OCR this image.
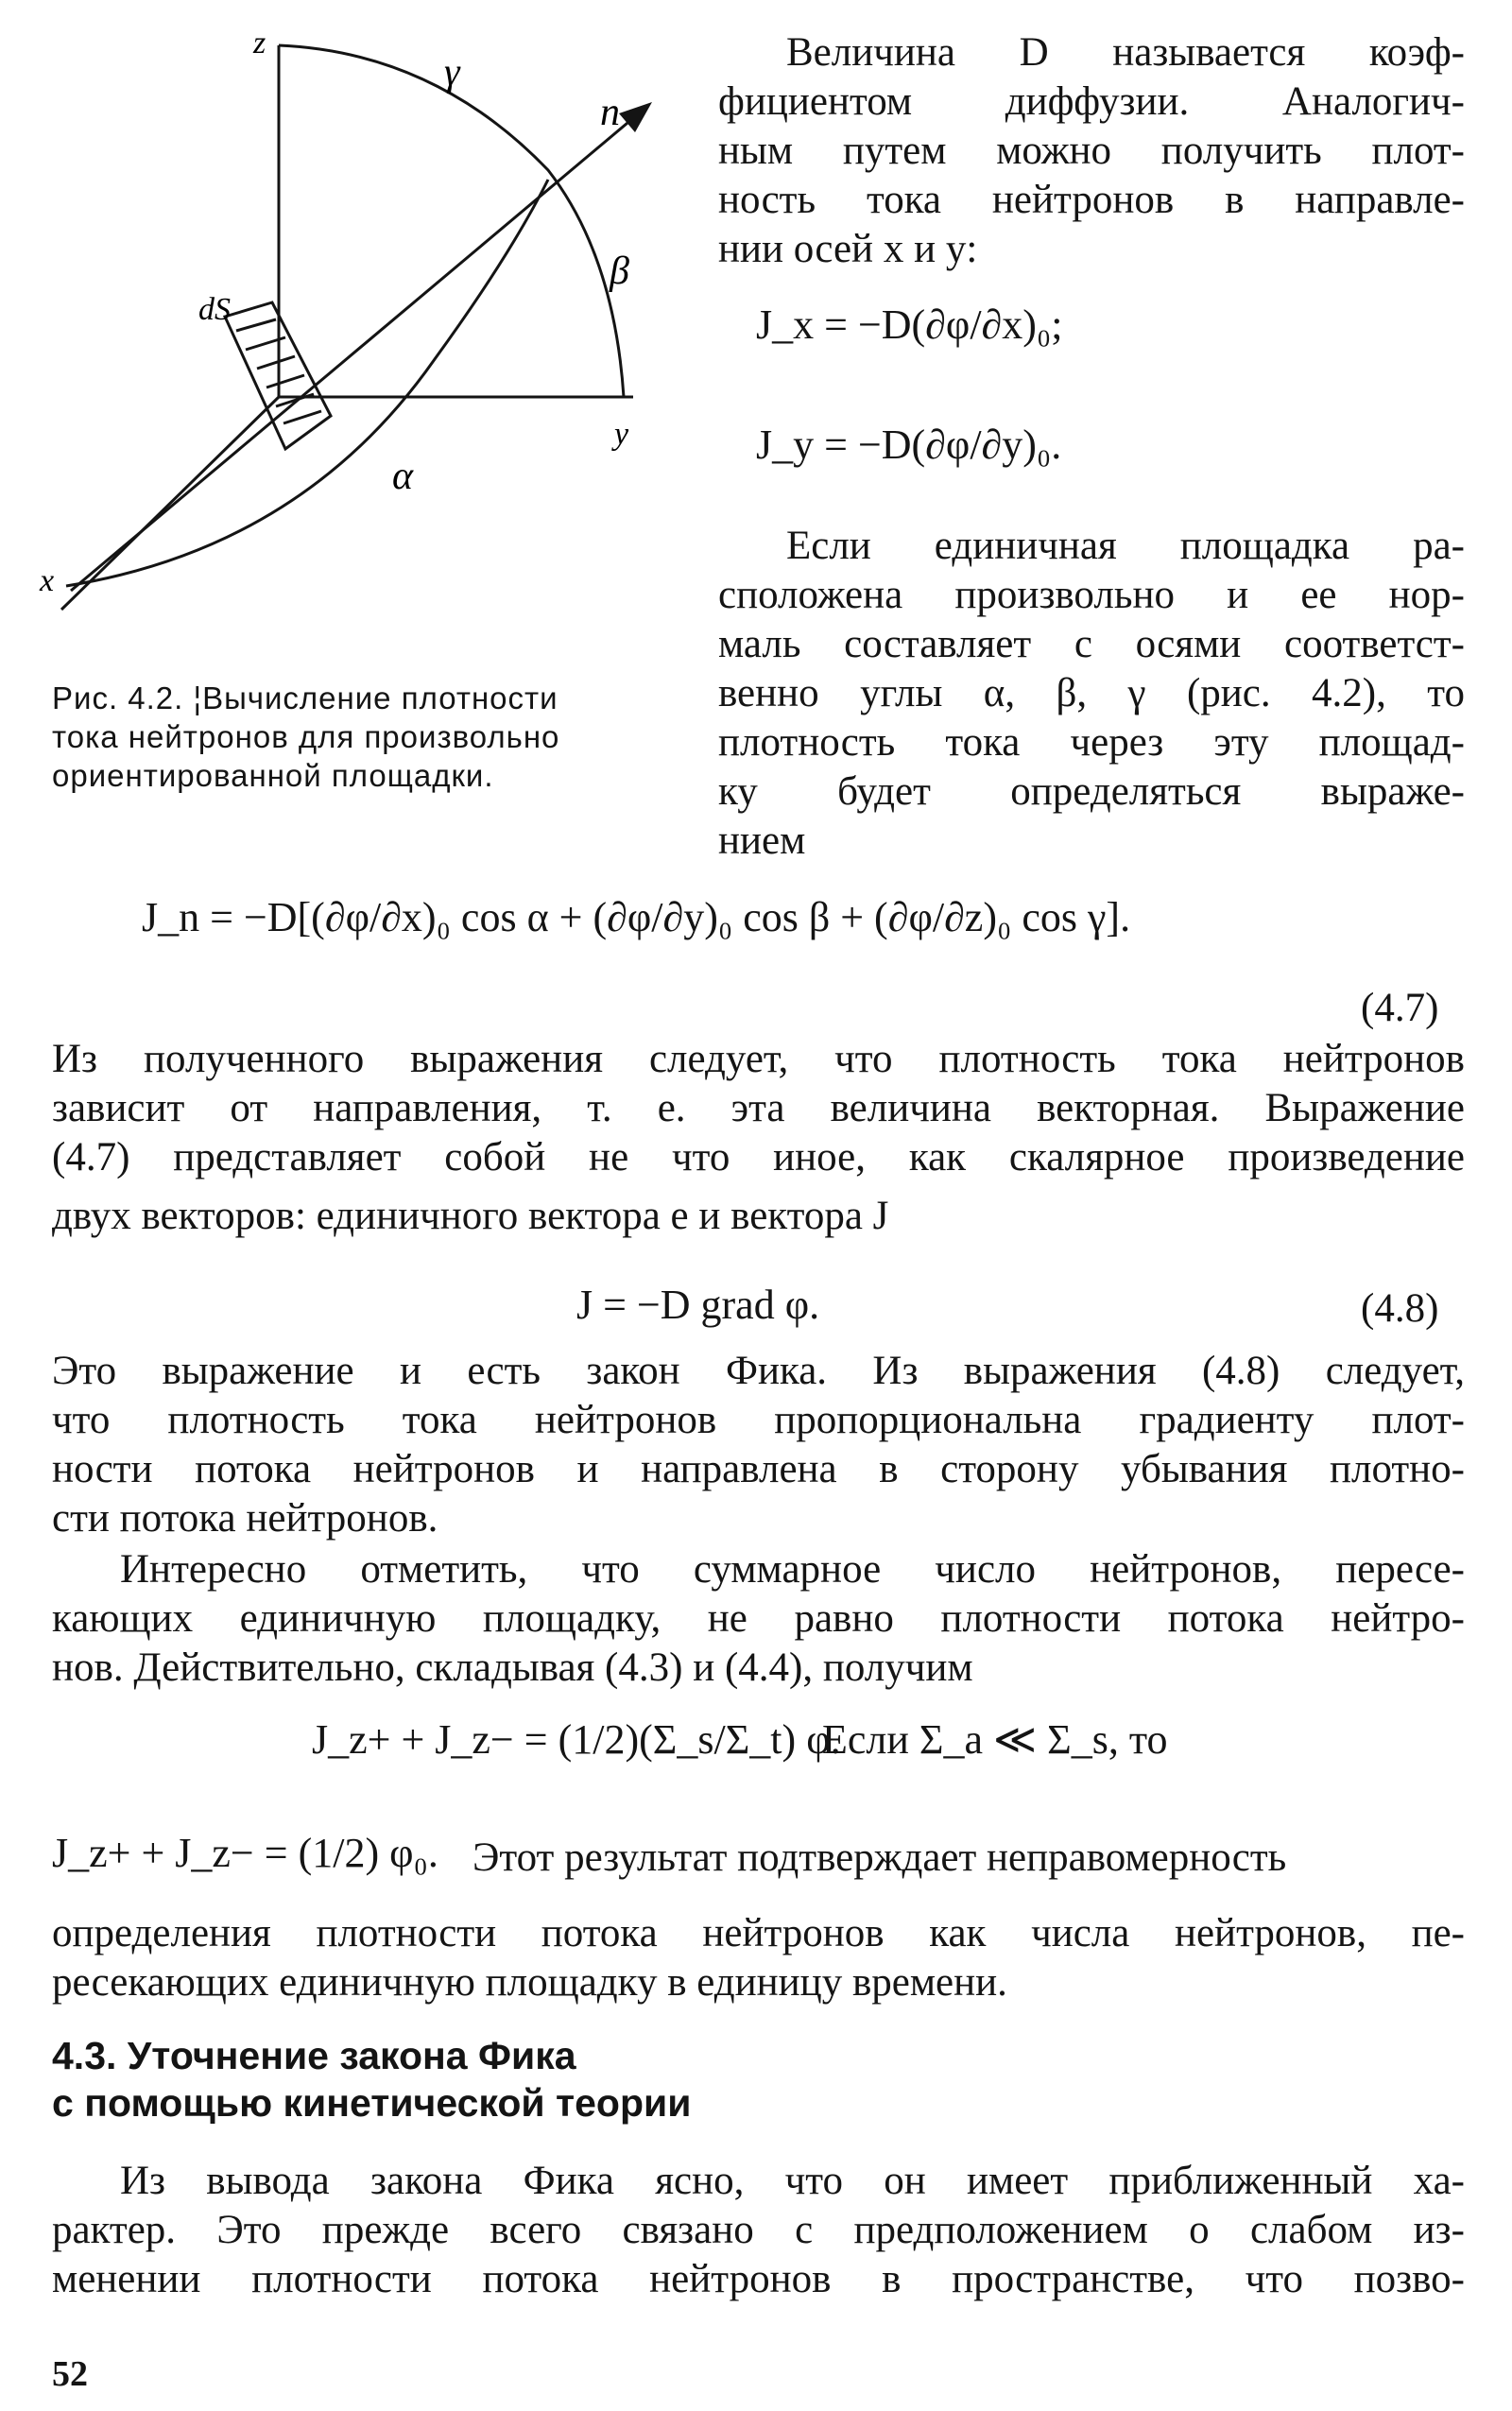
z
γ
n
β
dS
y
α
x
Рис. 4.2. ¦Вычисление плотности
тока нейтронов для произвольно
ориентированной площадки.
Величина D называется коэф-
фициентом диффузии. Аналогич-
ным путем можно получить плот-
ность тока нейтронов в направле-
нии осей x и y:
J_x = −D(∂φ/∂x)₀;
J_y = −D(∂φ/∂y)₀.
Если единичная площадка ра-
сположена произвольно и ее нор-
маль составляет с осями соответст-
венно углы α, β, γ (рис. 4.2), то
плотность тока через эту площад-
ку будет определяться выраже-
нием
J_n = −D[(∂φ/∂x)₀ cos α + (∂φ/∂y)₀ cos β + (∂φ/∂z)₀ cos γ].
(4.7)
Из полученного выражения следует, что плотность тока нейтронов
зависит от направления, т. е. эта величина векторная. Выражение
(4.7) представляет собой не что иное, как скалярное произведение
двух векторов: единичного вектора e и вектора J
J = −D grad φ.	(4.8)
Это выражение и есть закон Фика. Из выражения (4.8) следует,
что плотность тока нейтронов пропорциональна градиенту плот-
ности потока нейтронов и направлена в сторону убывания плотно-
сти потока нейтронов.
Интересно отметить, что суммарное число нейтронов, пересе-
кающих единичную площадку, не равно плотности потока нейтро-
нов. Действительно, складывая (4.3) и (4.4), получим
J_z+ + J_z− = (1/2)(Σ_s/Σ_t) φ.
Если Σ_a ≪ Σ_s, то
J_z+ + J_z− = (1/2) φ₀. Этот результат подтверждает неправомерность
определения плотности потока нейтронов как числа нейтронов, пе-
ресекающих единичную площадку в единицу времени.
4.3. Уточнение закона Фика
с помощью кинетической теории
Из вывода закона Фика ясно, что он имеет приближенный ха-
рактер. Это прежде всего связано с предположением о слабом из-
менении плотности потока нейтронов в пространстве, что позво-
52
